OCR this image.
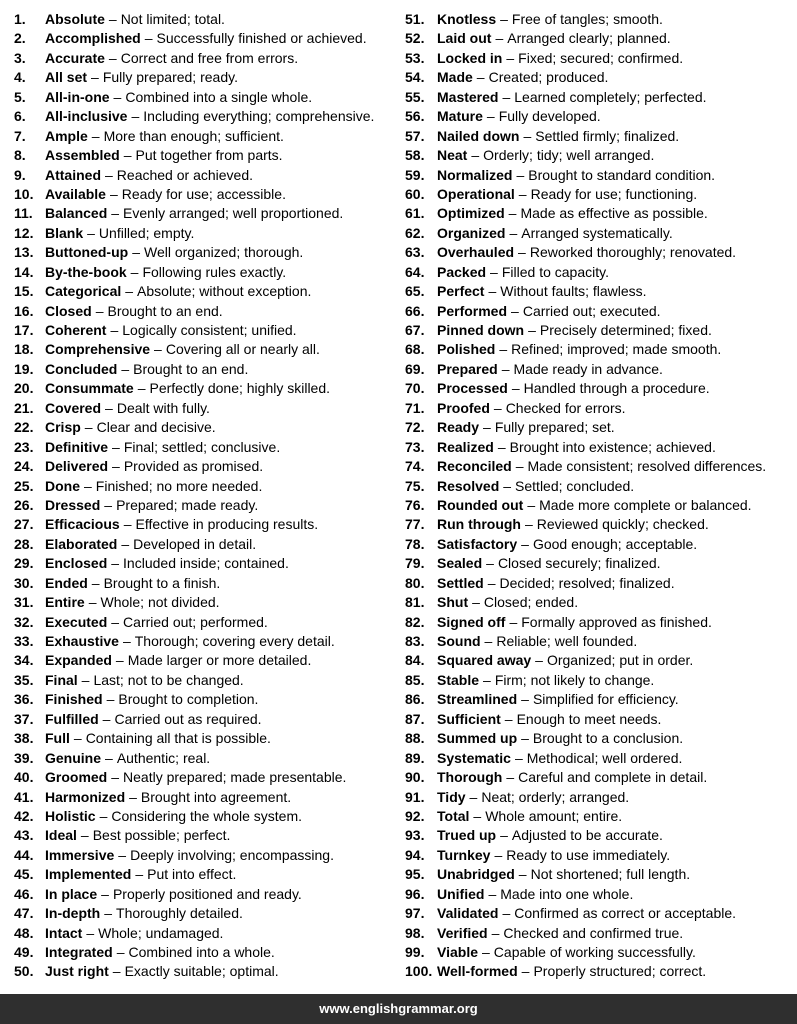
1.	Absolute – Not limited; total.
2.	Accomplished – Successfully finished or achieved.
3.	Accurate – Correct and free from errors.
4.	All set – Fully prepared; ready.
5.	All-in-one – Combined into a single whole.
6.	All-inclusive – Including everything; comprehensive.
7.	Ample – More than enough; sufficient.
8.	Assembled – Put together from parts.
9.	Attained – Reached or achieved.
10. Available – Ready for use; accessible.
11. Balanced – Evenly arranged; well proportioned.
12. Blank – Unfilled; empty.
13. Buttoned-up – Well organized; thorough.
14. By-the-book – Following rules exactly.
15. Categorical – Absolute; without exception.
16. Closed – Brought to an end.
17. Coherent – Logically consistent; unified.
18. Comprehensive – Covering all or nearly all.
19. Concluded – Brought to an end.
20. Consummate – Perfectly done; highly skilled.
21. Covered – Dealt with fully.
22. Crisp – Clear and decisive.
23. Definitive – Final; settled; conclusive.
24. Delivered – Provided as promised.
25. Done – Finished; no more needed.
26. Dressed – Prepared; made ready.
27. Efficacious – Effective in producing results.
28. Elaborated – Developed in detail.
29. Enclosed – Included inside; contained.
30. Ended – Brought to a finish.
31. Entire – Whole; not divided.
32. Executed – Carried out; performed.
33. Exhaustive – Thorough; covering every detail.
34. Expanded – Made larger or more detailed.
35. Final – Last; not to be changed.
36. Finished – Brought to completion.
37. Fulfilled – Carried out as required.
38. Full – Containing all that is possible.
39. Genuine – Authentic; real.
40. Groomed – Neatly prepared; made presentable.
41. Harmonized – Brought into agreement.
42. Holistic – Considering the whole system.
43. Ideal – Best possible; perfect.
44. Immersive – Deeply involving; encompassing.
45. Implemented – Put into effect.
46. In place – Properly positioned and ready.
47. In-depth – Thoroughly detailed.
48. Intact – Whole; undamaged.
49. Integrated – Combined into a whole.
50. Just right – Exactly suitable; optimal.
51. Knotless – Free of tangles; smooth.
52. Laid out – Arranged clearly; planned.
53. Locked in – Fixed; secured; confirmed.
54. Made – Created; produced.
55. Mastered – Learned completely; perfected.
56. Mature – Fully developed.
57. Nailed down – Settled firmly; finalized.
58. Neat – Orderly; tidy; well arranged.
59. Normalized – Brought to standard condition.
60. Operational – Ready for use; functioning.
61. Optimized – Made as effective as possible.
62. Organized – Arranged systematically.
63. Overhauled – Reworked thoroughly; renovated.
64. Packed – Filled to capacity.
65. Perfect – Without faults; flawless.
66. Performed – Carried out; executed.
67. Pinned down – Precisely determined; fixed.
68. Polished – Refined; improved; made smooth.
69. Prepared – Made ready in advance.
70. Processed – Handled through a procedure.
71. Proofed – Checked for errors.
72. Ready – Fully prepared; set.
73. Realized – Brought into existence; achieved.
74. Reconciled – Made consistent; resolved differences.
75. Resolved – Settled; concluded.
76. Rounded out – Made more complete or balanced.
77. Run through – Reviewed quickly; checked.
78. Satisfactory – Good enough; acceptable.
79. Sealed – Closed securely; finalized.
80. Settled – Decided; resolved; finalized.
81. Shut – Closed; ended.
82. Signed off – Formally approved as finished.
83. Sound – Reliable; well founded.
84. Squared away – Organized; put in order.
85. Stable – Firm; not likely to change.
86. Streamlined – Simplified for efficiency.
87. Sufficient – Enough to meet needs.
88. Summed up – Brought to a conclusion.
89. Systematic – Methodical; well ordered.
90. Thorough – Careful and complete in detail.
91. Tidy – Neat; orderly; arranged.
92. Total – Whole amount; entire.
93. Trued up – Adjusted to be accurate.
94. Turnkey – Ready to use immediately.
95. Unabridged – Not shortened; full length.
96. Unified – Made into one whole.
97. Validated – Confirmed as correct or acceptable.
98. Verified – Checked and confirmed true.
99. Viable – Capable of working successfully.
100. Well-formed – Properly structured; correct.
www.englishgrammar.org
